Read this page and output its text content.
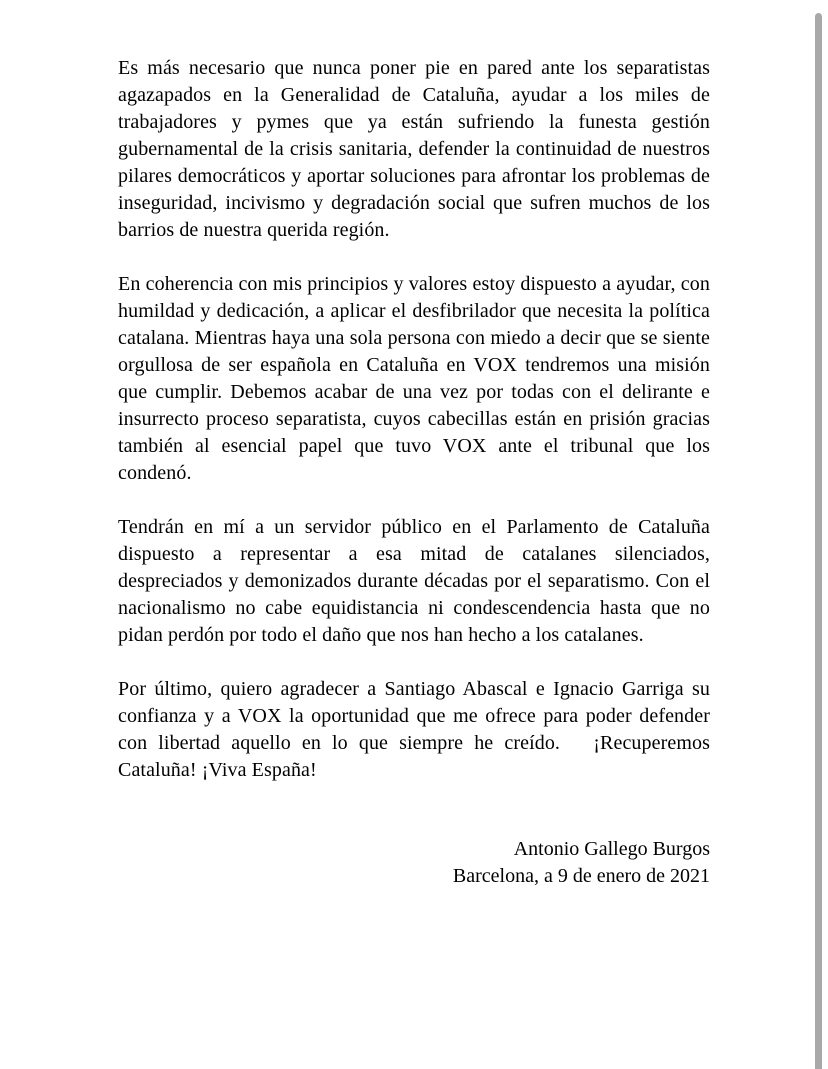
Es más necesario que nunca poner pie en pared ante los separatistas agazapados en la Generalidad de Cataluña, ayudar a los miles de trabajadores y pymes que ya están sufriendo la funesta gestión gubernamental de la crisis sanitaria, defender la continuidad de nuestros pilares democráticos y aportar soluciones para afrontar los problemas de inseguridad, incivismo y degradación social que sufren muchos de los barrios de nuestra querida región.

En coherencia con mis principios y valores estoy dispuesto a ayudar, con humildad y dedicación, a aplicar el desfibrilador que necesita la política catalana. Mientras haya una sola persona con miedo a decir que se siente orgullosa de ser española en Cataluña en VOX tendremos una misión que cumplir. Debemos acabar de una vez por todas con el delirante e insurrecto proceso separatista, cuyos cabecillas están en prisión gracias también al esencial papel que tuvo VOX ante el tribunal que los condenó.

Tendrán en mí a un servidor público en el Parlamento de Cataluña dispuesto a representar a esa mitad de catalanes silenciados, despreciados y demonizados durante décadas por el separatismo. Con el nacionalismo no cabe equidistancia ni condescendencia hasta que no pidan perdón por todo el daño que nos han hecho a los catalanes.

Por último, quiero agradecer a Santiago Abascal e Ignacio Garriga su confianza y a VOX la oportunidad que me ofrece para poder defender con libertad aquello en lo que siempre he creído.   ¡Recuperemos Cataluña! ¡Viva España!

Antonio Gallego Burgos
Barcelona, a 9 de enero de 2021
